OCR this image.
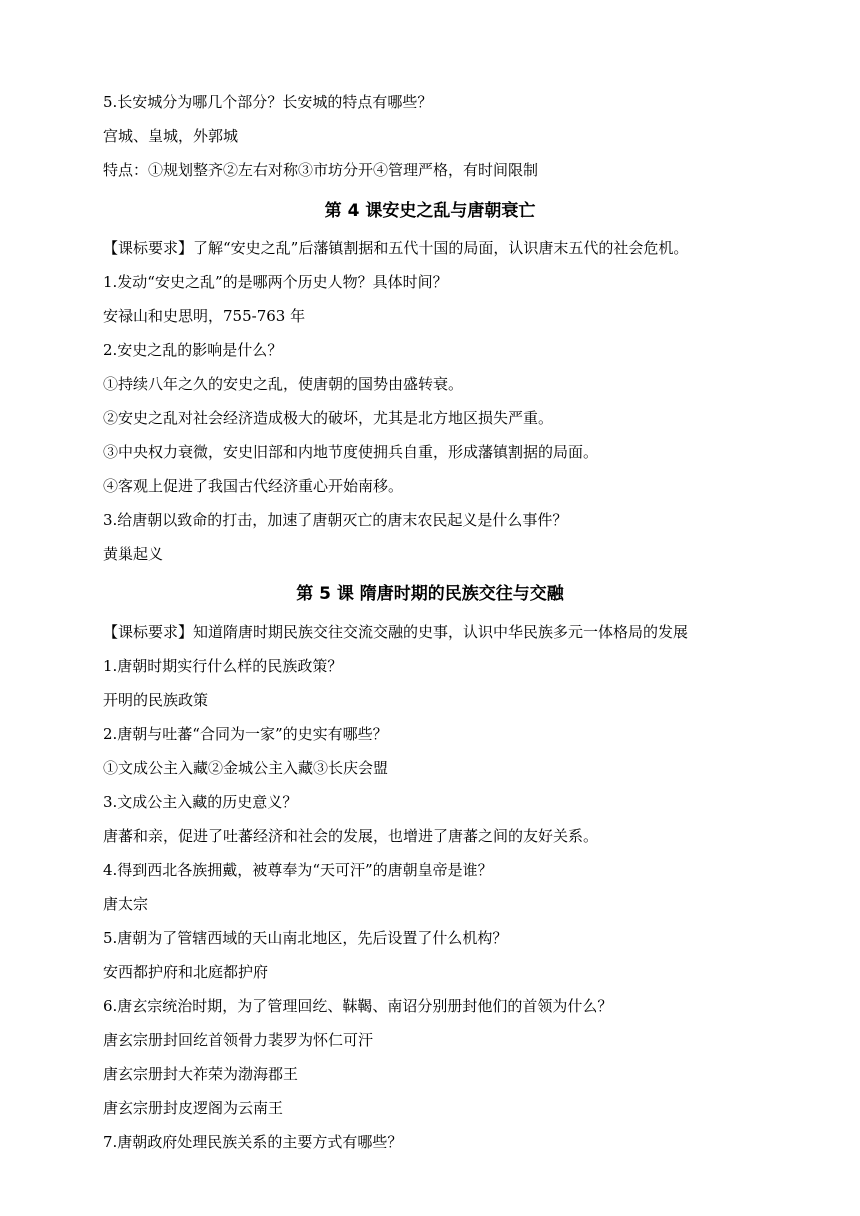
5.长安城分为哪几个部分？长安城的特点有哪些？
宫城、皇城，外郭城
特点：①规划整齐②左右对称③市坊分开④管理严格，有时间限制
第 4 课安史之乱与唐朝衰亡
【课标要求】了解“安史之乱”后藩镇割据和五代十国的局面，认识唐末五代的社会危机。
1.发动“安史之乱”的是哪两个历史人物？具体时间？
安禄山和史思明，755-763 年
2.安史之乱的影响是什么？
①持续八年之久的安史之乱，使唐朝的国势由盛转衰。
②安史之乱对社会经济造成极大的破坏，尤其是北方地区损失严重。
③中央权力衰微，安史旧部和内地节度使拥兵自重，形成藩镇割据的局面。
④客观上促进了我国古代经济重心开始南移。
3.给唐朝以致命的打击，加速了唐朝灭亡的唐末农民起义是什么事件？
黄巢起义
第 5 课 隋唐时期的民族交往与交融
【课标要求】知道隋唐时期民族交往交流交融的史事，认识中华民族多元一体格局的发展
1.唐朝时期实行什么样的民族政策？
开明的民族政策
2.唐朝与吐蕃“合同为一家”的史实有哪些？
①文成公主入藏②金城公主入藏③长庆会盟
3.文成公主入藏的历史意义？
唐蕃和亲，促进了吐蕃经济和社会的发展，也增进了唐蕃之间的友好关系。
4.得到西北各族拥戴，被尊奉为“天可汗”的唐朝皇帝是谁？
唐太宗
5.唐朝为了管辖西域的天山南北地区，先后设置了什么机构？
安西都护府和北庭都护府
6.唐玄宗统治时期，为了管理回纥、靺鞨、南诏分别册封他们的首领为什么？
唐玄宗册封回纥首领骨力裴罗为怀仁可汗
唐玄宗册封大祚荣为渤海郡王
唐玄宗册封皮逻阁为云南王
7.唐朝政府处理民族关系的主要方式有哪些？
